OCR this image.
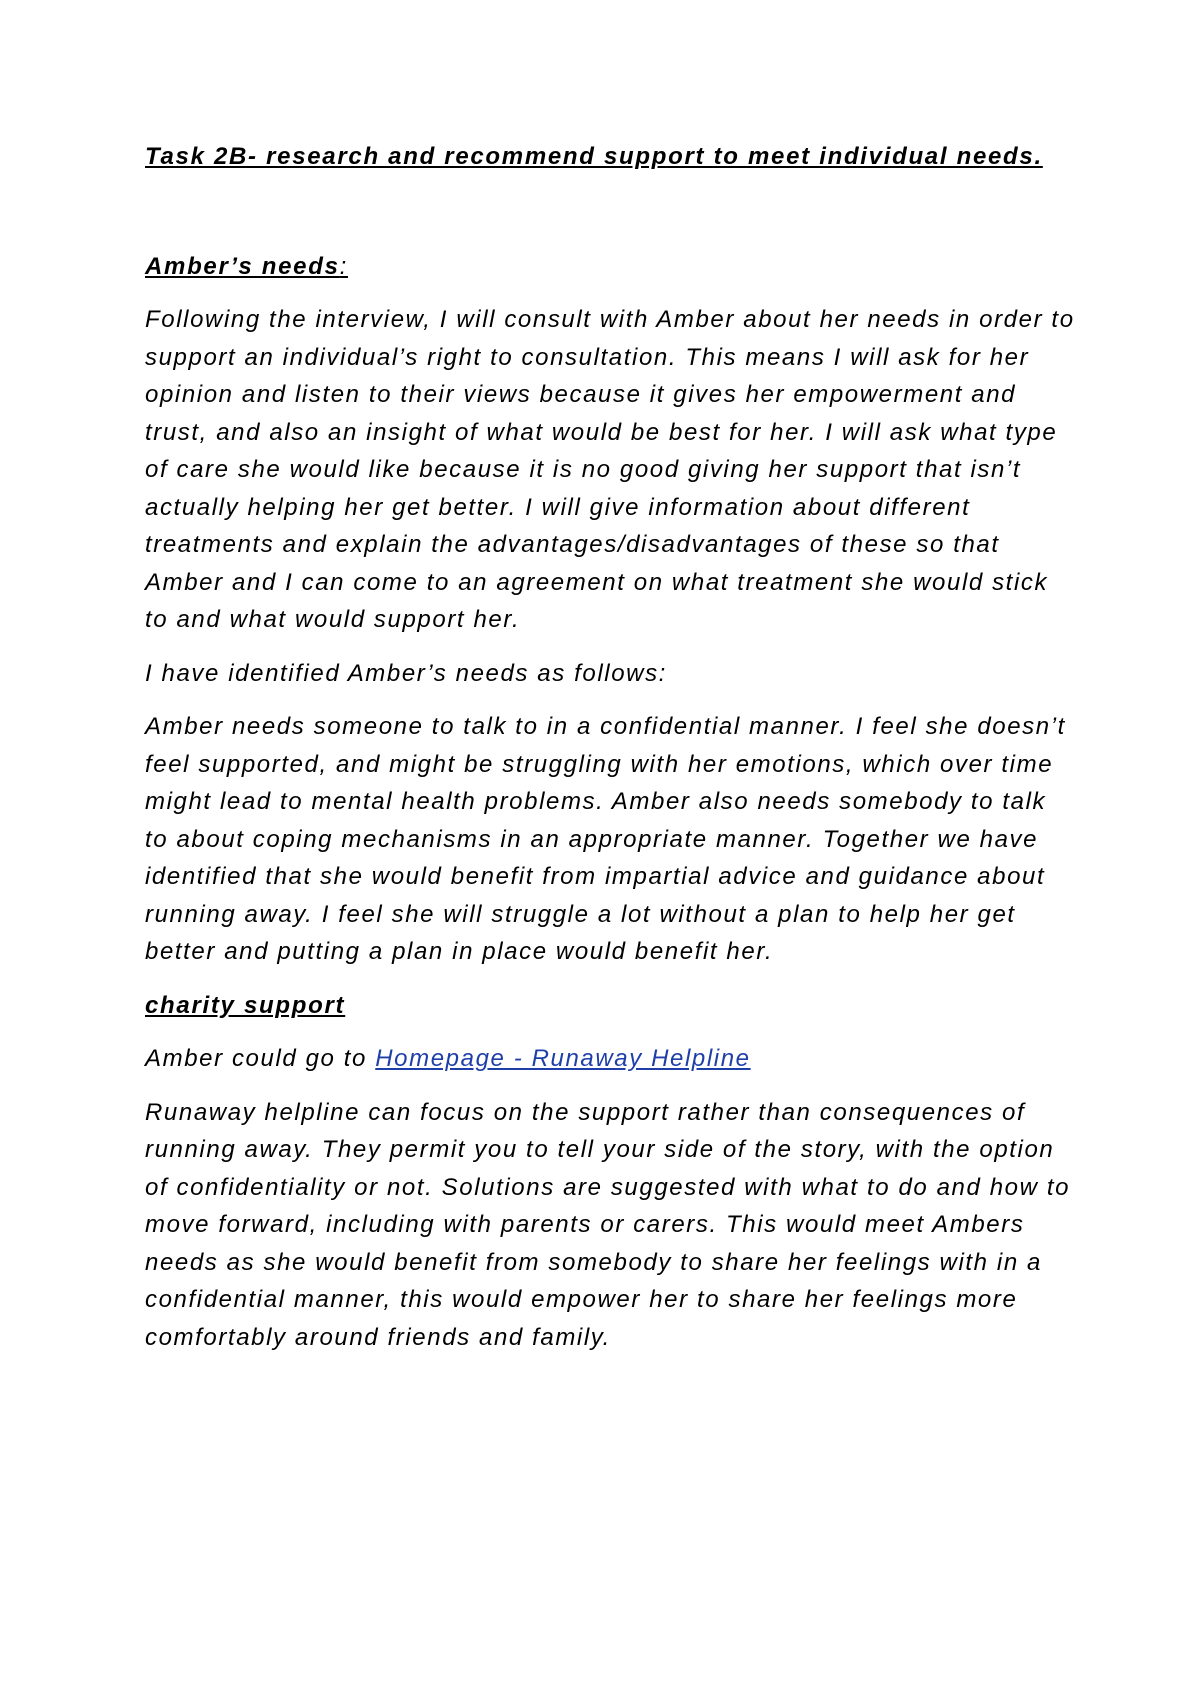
Task 2B- research and recommend support to meet individual needs.
Amber’s needs:

Following the interview, I will consult with Amber about her needs in order to support an individual’s right to consultation. This means I will ask for her opinion and listen to their views because it gives her empowerment and trust, and also an insight of what would be best for her. I will ask what type of care she would like because it is no good giving her support that isn’t actually helping her get better. I will give information about different treatments and explain the advantages/disadvantages of these so that Amber and I can come to an agreement on what treatment she would stick to and what would support her.

I have identified Amber’s needs as follows:

Amber needs someone to talk to in a confidential manner. I feel she doesn’t feel supported, and might be struggling with her emotions, which over time might lead to mental health problems. Amber also needs somebody to talk to about coping mechanisms in an appropriate manner. Together we have identified that she would benefit from impartial advice and guidance about running away. I feel she will struggle a lot without a plan to help her get better and putting a plan in place would benefit her.

charity support

Amber could go to Homepage - Runaway Helpline

Runaway helpline can focus on the support rather than consequences of running away. They permit you to tell your side of the story, with the option of confidentiality or not. Solutions are suggested with what to do and how to move forward, including with parents or carers. This would meet Ambers needs as she would benefit from somebody to share her feelings with in a confidential manner, this would empower her to share her feelings more comfortably around friends and family.
